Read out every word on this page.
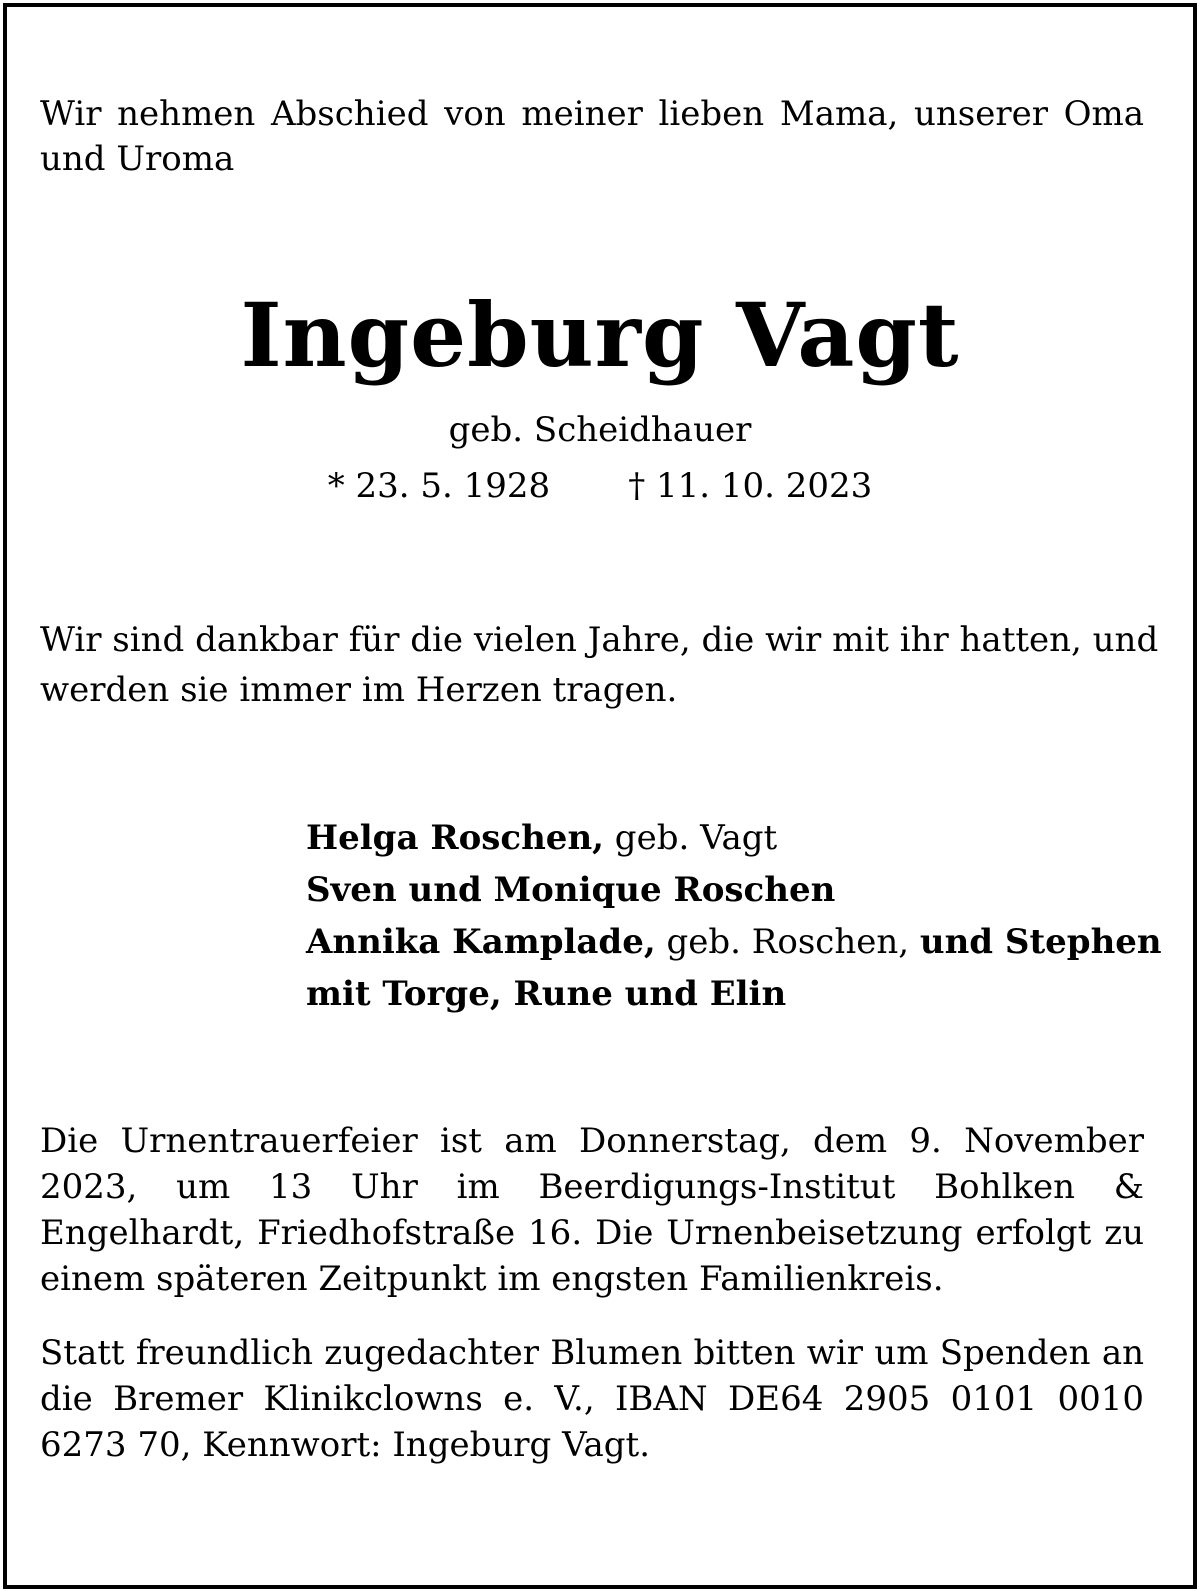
Wir nehmen Abschied von meiner lieben Mama, unserer Oma und Uroma
Ingeburg Vagt
geb. Scheidhauer
* 23. 5. 1928 † 11. 10. 2023
Wir sind dankbar für die vielen Jahre, die wir mit ihr hatten, und werden sie immer im Herzen tragen.
Helga Roschen, geb. Vagt
Sven und Monique Roschen
Annika Kamplade, geb. Roschen, und Stephen
mit Torge, Rune und Elin
Die Urnentrauerfeier ist am Donnerstag, dem 9. November 2023, um 13 Uhr im Beerdigungs-Institut Bohlken & Engelhardt, Friedhofstraße 16. Die Urnenbeisetzung erfolgt zu einem späteren Zeitpunkt im engsten Familienkreis.
Statt freundlich zugedachter Blumen bitten wir um Spenden an die Bremer Klinikclowns e. V., IBAN DE64 2905 0101 0010 6273 70, Kennwort: Ingeburg Vagt.
